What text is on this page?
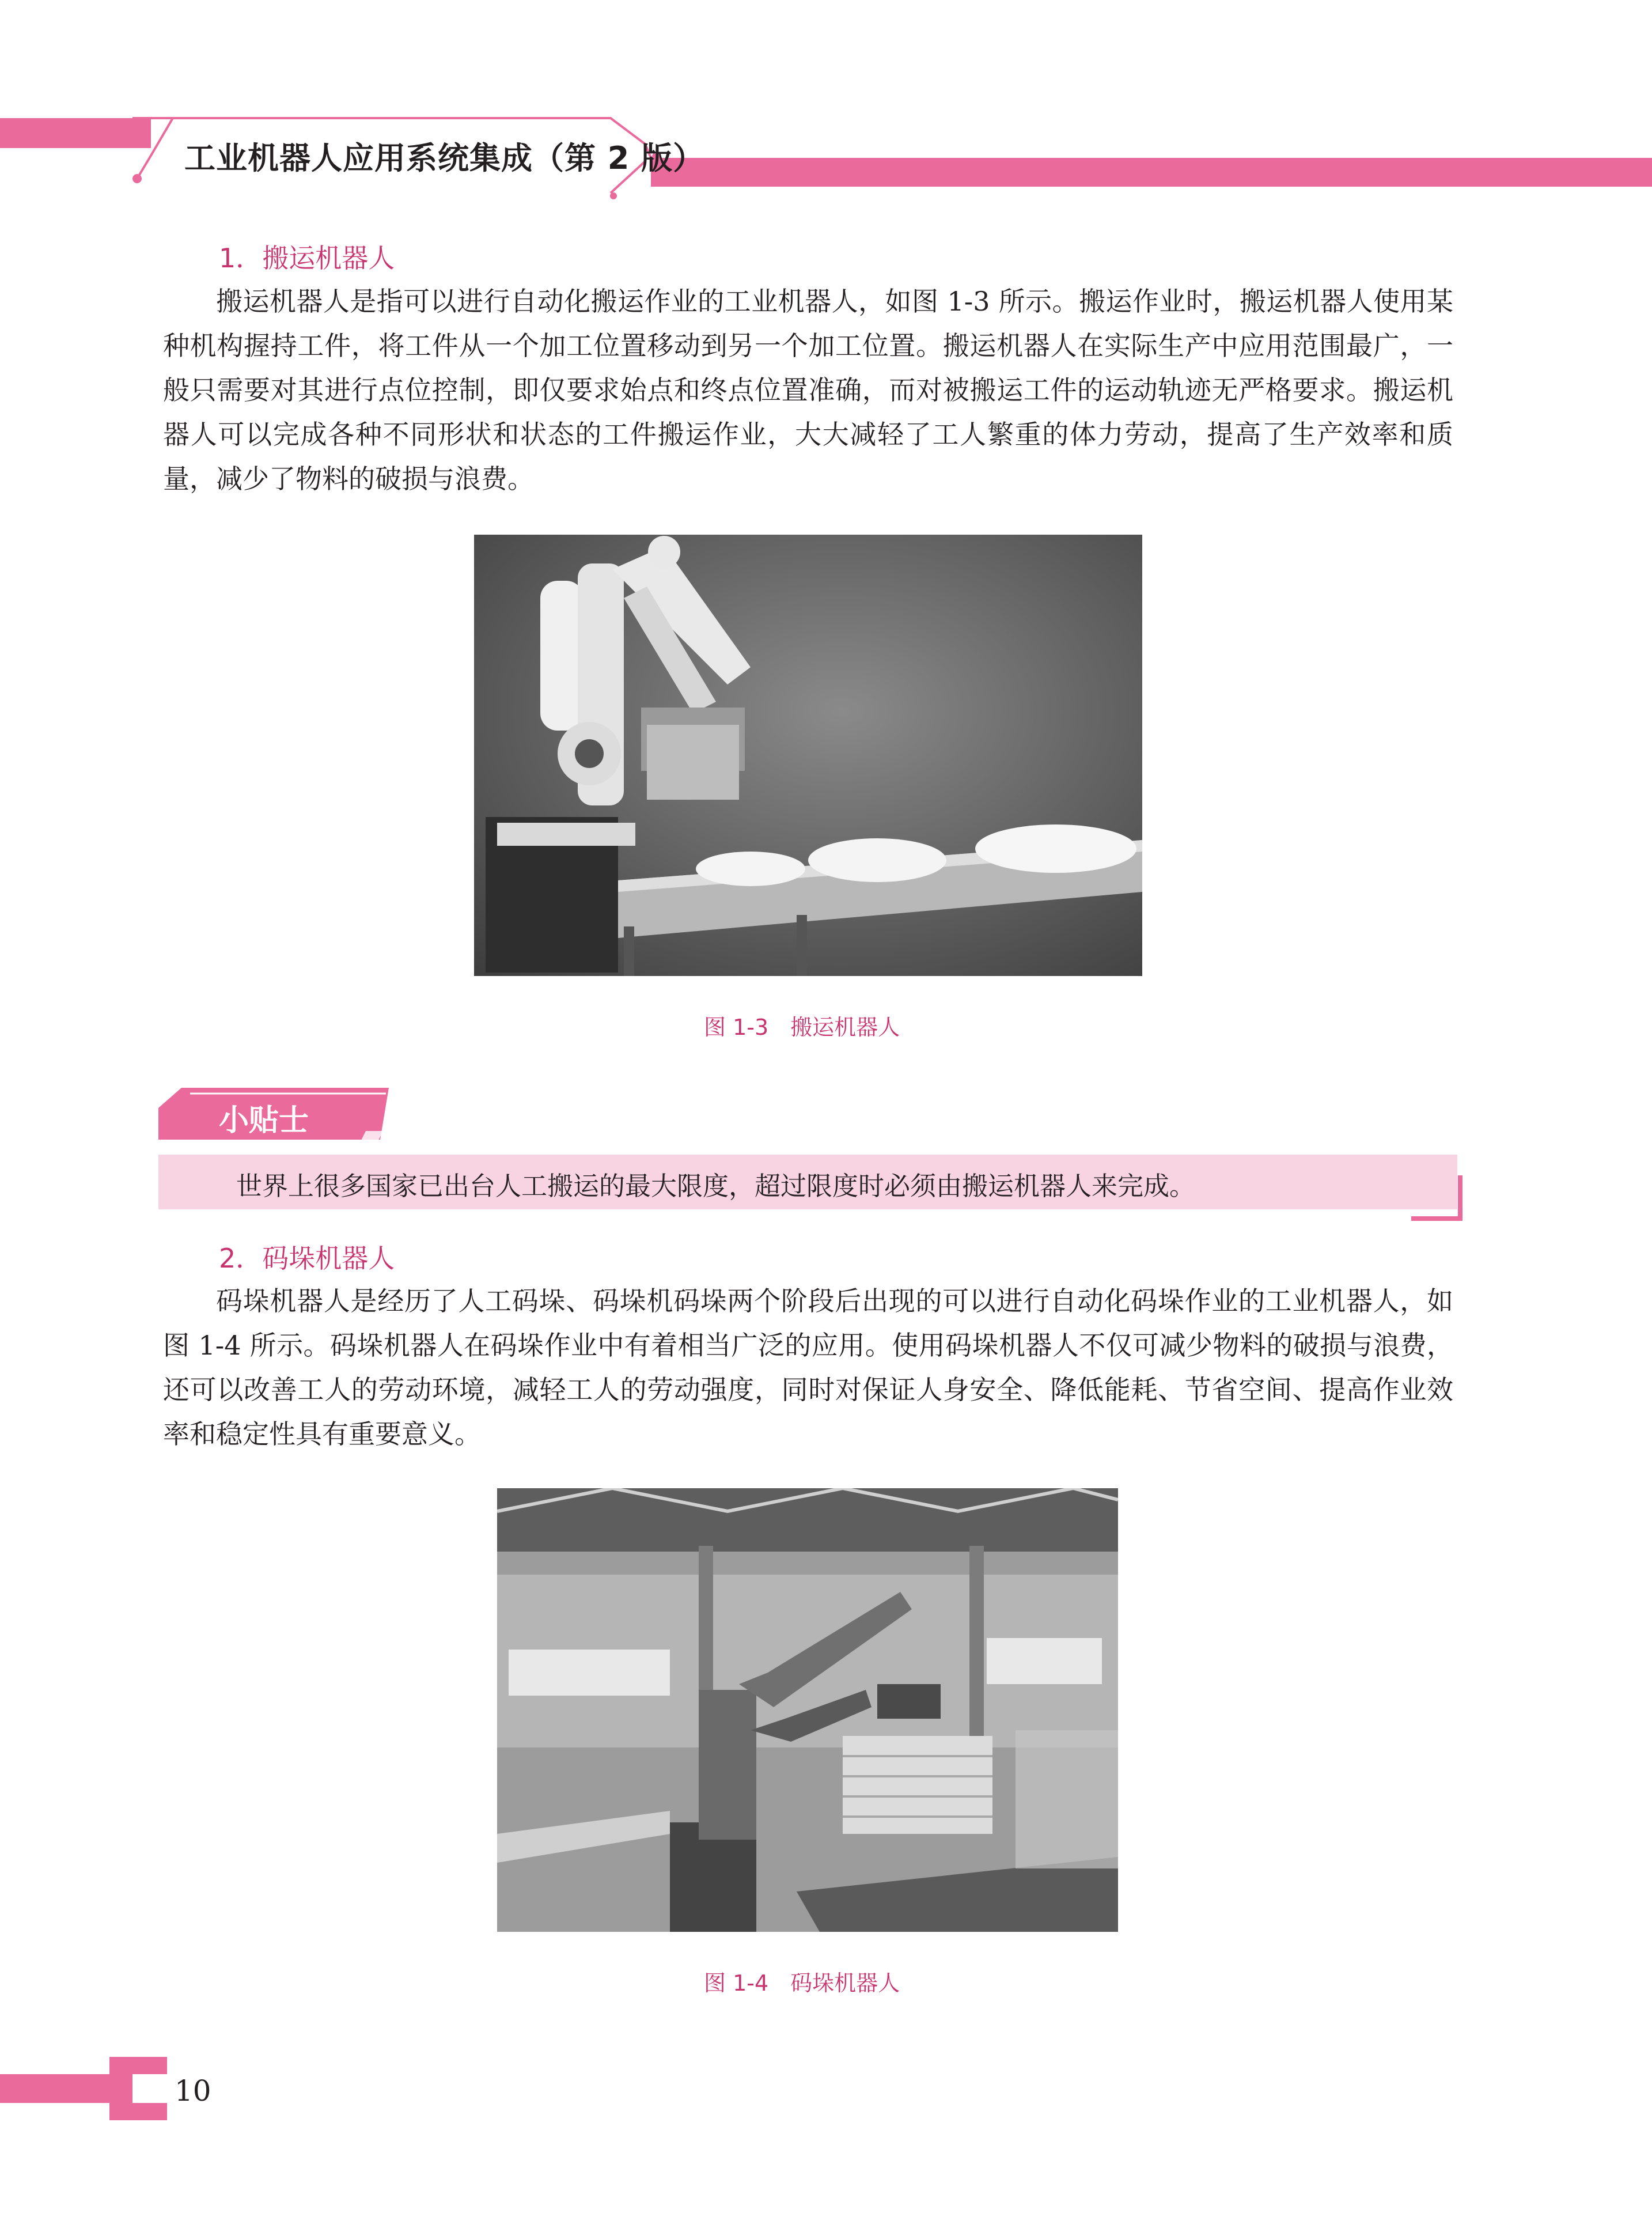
工业机器人应用系统集成（第 2 版）
1．搬运机器人

搬运机器人是指可以进行自动化搬运作业的工业机器人，如图 1-3 所示。搬运作业时，搬运机器人使用某种机构握持工件，将工件从一个加工位置移动到另一个加工位置。搬运机器人在实际生产中应用范围最广，一般只需要对其进行点位控制，即仅要求始点和终点位置准确，而对被搬运工件的运动轨迹无严格要求。搬运机器人可以完成各种不同形状和状态的工件搬运作业，大大减轻了工人繁重的体力劳动，提高了生产效率和质量，减少了物料的破损与浪费。

图 1-3　搬运机器人
小贴士
世界上很多国家已出台人工搬运的最大限度，超过限度时必须由搬运机器人来完成。
2．码垛机器人

码垛机器人是经历了人工码垛、码垛机码垛两个阶段后出现的可以进行自动化码垛作业的工业机器人，如图 1-4 所示。码垛机器人在码垛作业中有着相当广泛的应用。使用码垛机器人不仅可减少物料的破损与浪费，还可以改善工人的劳动环境，减轻工人的劳动强度，同时对保证人身安全、降低能耗、节省空间、提高作业效率和稳定性具有重要意义。

图 1-4　码垛机器人
10
